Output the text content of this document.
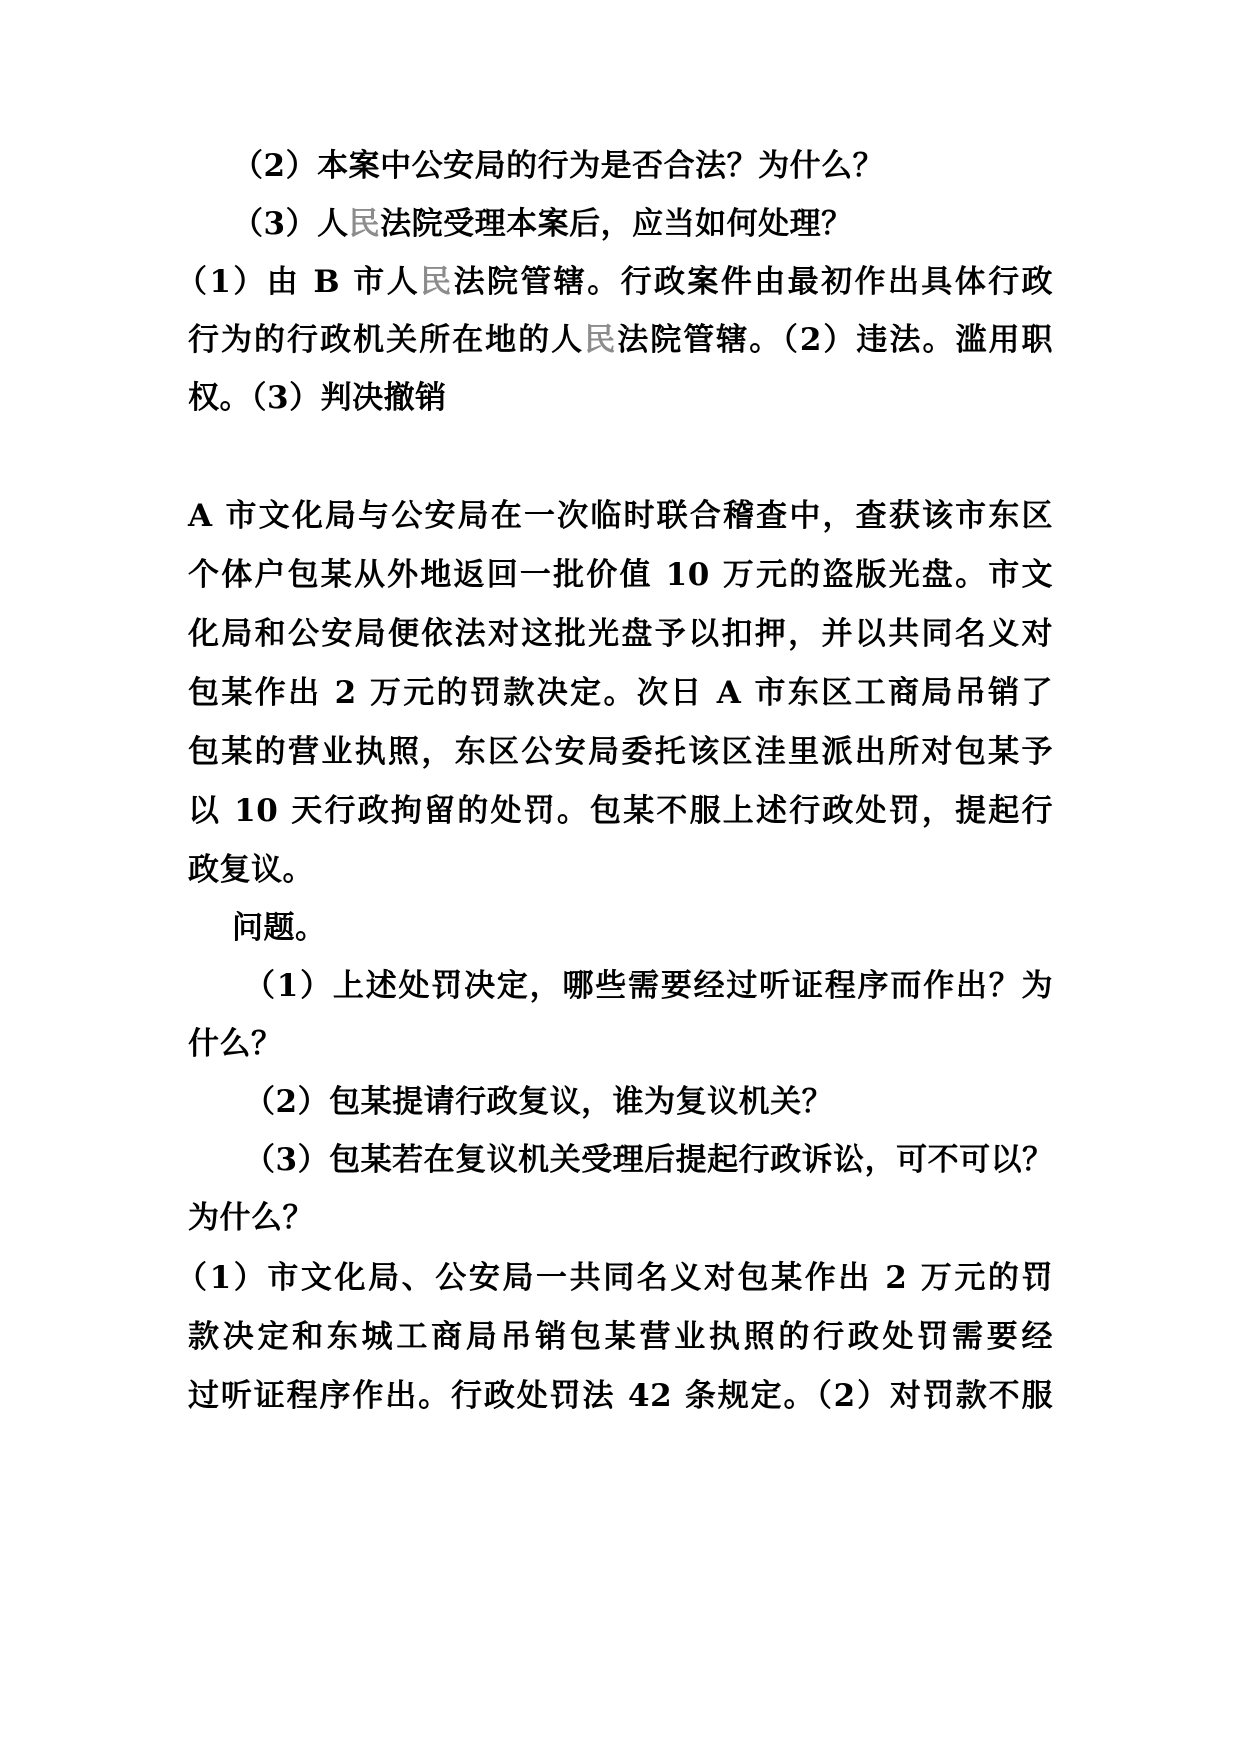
（2）本案中公安局的行为是否合法？为什么？
（3）人民法院受理本案后，应当如何处理？
（1）由 B 市人民法院管辖。行政案件由最初作出具体行政
行为的行政机关所在地的人民法院管辖。（2）违法。滥用职
权。（3）判决撤销
A 市文化局与公安局在一次临时联合稽查中，查获该市东区
个体户包某从外地返回一批价值 10 万元的盗版光盘。市文
化局和公安局便依法对这批光盘予以扣押，并以共同名义对
包某作出 2 万元的罚款决定。次日 A 市东区工商局吊销了
包某的营业执照，东区公安局委托该区洼里派出所对包某予
以 10 天行政拘留的处罚。包某不服上述行政处罚，提起行
政复议。
问题。
（1）上述处罚决定，哪些需要经过听证程序而作出？为
什么？
（2）包某提请行政复议，谁为复议机关？
（3）包某若在复议机关受理后提起行政诉讼，可不可以？
为什么？
（1）市文化局、公安局一共同名义对包某作出 2 万元的罚
款决定和东城工商局吊销包某营业执照的行政处罚需要经
过听证程序作出。行政处罚法 42 条规定。（2）对罚款不服
